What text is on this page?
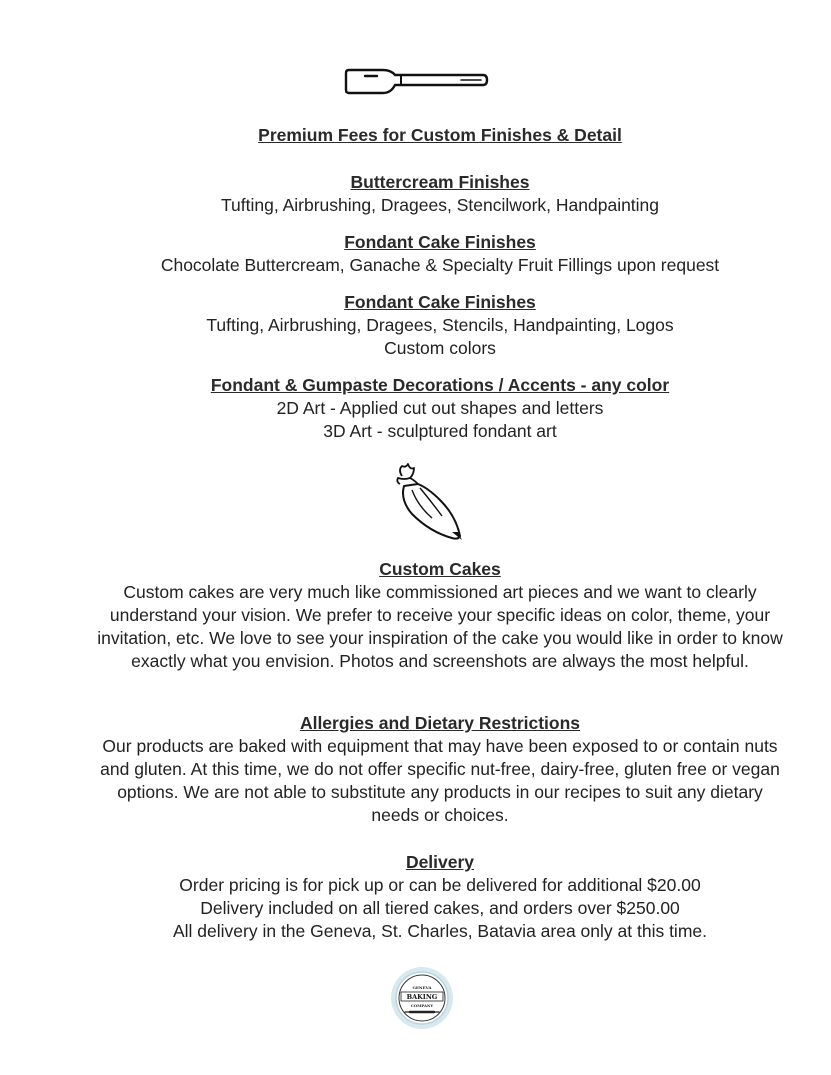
Premium Fees for Custom Finishes & Detail
Buttercream Finishes
Tufting, Airbrushing, Dragees, Stencilwork, Handpainting
Fondant Cake Finishes
Chocolate Buttercream, Ganache & Specialty Fruit Fillings upon request
Fondant Cake Finishes
Tufting, Airbrushing, Dragees, Stencils, Handpainting, Logos
Custom colors
Fondant & Gumpaste Decorations / Accents - any color
2D Art - Applied cut out shapes and letters
3D Art - sculptured fondant art
Custom Cakes

Custom cakes are very much like commissioned art pieces and we want to clearly understand your vision. We prefer to receive your specific ideas on color, theme, your invitation, etc. We love to see your inspiration of the cake you would like in order to know exactly what you envision. Photos and screenshots are always the most helpful.

Allergies and Dietary Restrictions

Our products are baked with equipment that may have been exposed to or contain nuts and gluten. At this time, we do not offer specific nut-free, dairy-free, gluten free or vegan options. We are not able to substitute any products in our recipes to suit any dietary needs or choices.

Delivery
Order pricing is for pick up or can be delivered for additional $20.00
Delivery included on all tiered cakes, and orders over $250.00
All delivery in the Geneva, St. Charles, Batavia area only at this time.
GENEVA
BAKING
COMPANY
